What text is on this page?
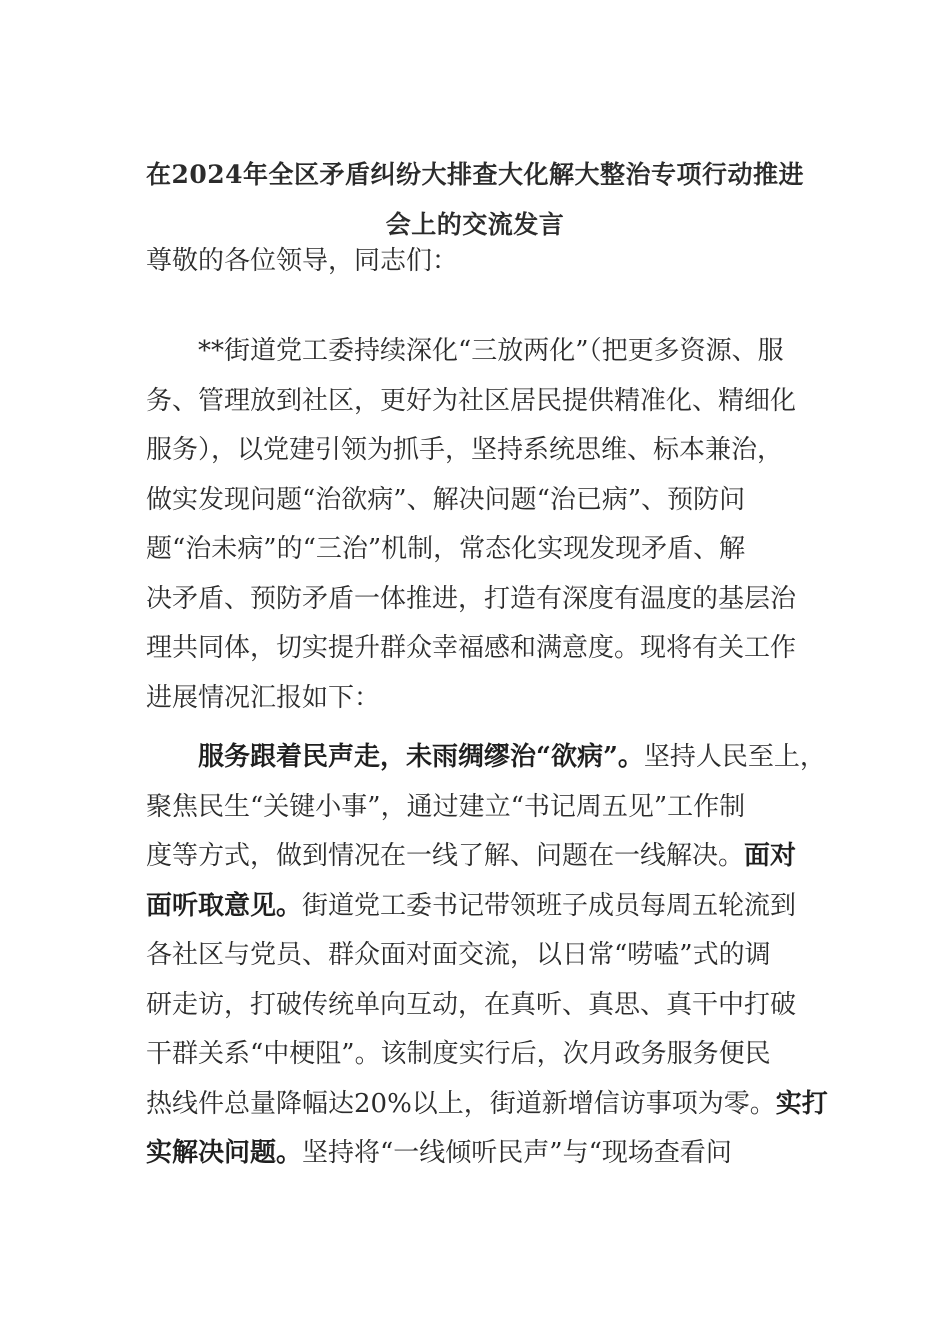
在2024年全区矛盾纠纷大排查大化解大整治专项行动推进
会上的交流发言

尊敬的各位领导，同志们：

**街道党工委持续深化“三放两化”（把更多资源、服
务、管理放到社区，更好为社区居民提供精准化、精细化
服务），以党建引领为抓手，坚持系统思维、标本兼治，
做实发现问题“治欲病”、解决问题“治已病”、预防问
题“治未病”的“三治”机制，常态化实现发现矛盾、解
决矛盾、预防矛盾一体推进，打造有深度有温度的基层治
理共同体，切实提升群众幸福感和满意度。现将有关工作
进展情况汇报如下：

服务跟着民声走，未雨绸缪治“欲病”。坚持人民至上，
聚焦民生“关键小事”，通过建立“书记周五见”工作制
度等方式，做到情况在一线了解、问题在一线解决。面对
面听取意见。街道党工委书记带领班子成员每周五轮流到
各社区与党员、群众面对面交流，以日常“唠嗑”式的调
研走访，打破传统单向互动，在真听、真思、真干中打破
干群关系“中梗阻”。该制度实行后，次月政务服务便民
热线件总量降幅达20%以上，街道新增信访事项为零。实打
实解决问题。坚持将“一线倾听民声”与“现场查看问
